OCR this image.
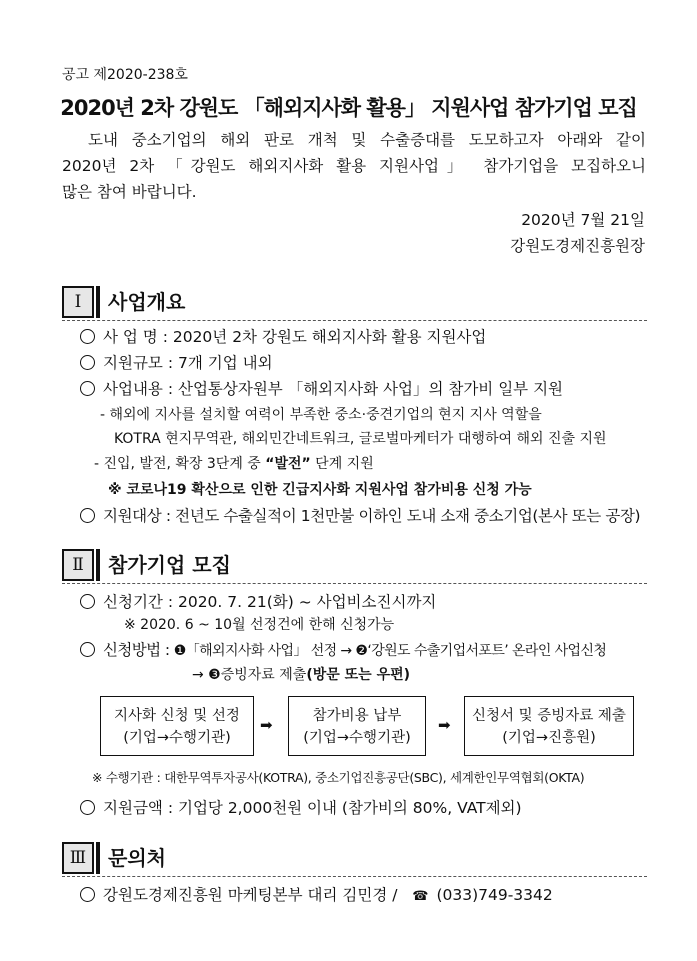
공고 제2020-238호
2020년 2차 강원도 「해외지사화 활용」 지원사업 참가기업 모집
도내 중소기업의 해외 판로 개척 및 수출증대를 도모하고자 아래와 같이
2020년 2차 「강원도 해외지사화 활용 지원사업」 참가기업을 모집하오니
많은 참여 바랍니다.
2020년 7월 21일
강원도경제진흥원장
Ⅰ	사업개요
사 업 명 : 2020년 2차 강원도 해외지사화 활용 지원사업
지원규모 : 7개 기업 내외
사업내용 : 산업통상자원부 「해외지사화 사업」의 참가비 일부 지원
- 해외에 지사를 설치할 여력이 부족한 중소·중견기업의 현지 지사 역할을
KOTRA 현지무역관, 해외민간네트워크, 글로벌마케터가 대행하여 해외 진출 지원
- 진입, 발전, 확장 3단계 중 “발전” 단계 지원
※ 코로나19 확산으로 인한 긴급지사화 지원사업 참가비용 신청 가능
지원대상 : 전년도 수출실적이 1천만불 이하인 도내 소재 중소기업(본사 또는 공장)
Ⅱ	참가기업 모집
신청기간 : 2020. 7. 21(화) ~ 사업비소진시까지
※ 2020. 6 ~ 10월 선정건에 한해 신청가능
신청방법 : ❶「해외지사화 사업」 선정 → ❷‘강원도 수출기업서포트’ 온라인 사업신청
→ ❸증빙자료 제출(방문 또는 우편)
지사화 신청 및 선정
(기업→수행기관)
➡	참가비용 납부
(기업→수행기관)
➡	신청서 및 증빙자료 제출
(기업→진흥원)
※ 수행기관 : 대한무역투자공사(KOTRA), 중소기업진흥공단(SBC), 세계한인무역협회(OKTA)
지원금액 : 기업당 2,000천원 이내 (참가비의 80%, VAT제외)
Ⅲ	문의처
강원도경제진흥원 마케팅본부 대리 김민경 / ☎ (033)749-3342
